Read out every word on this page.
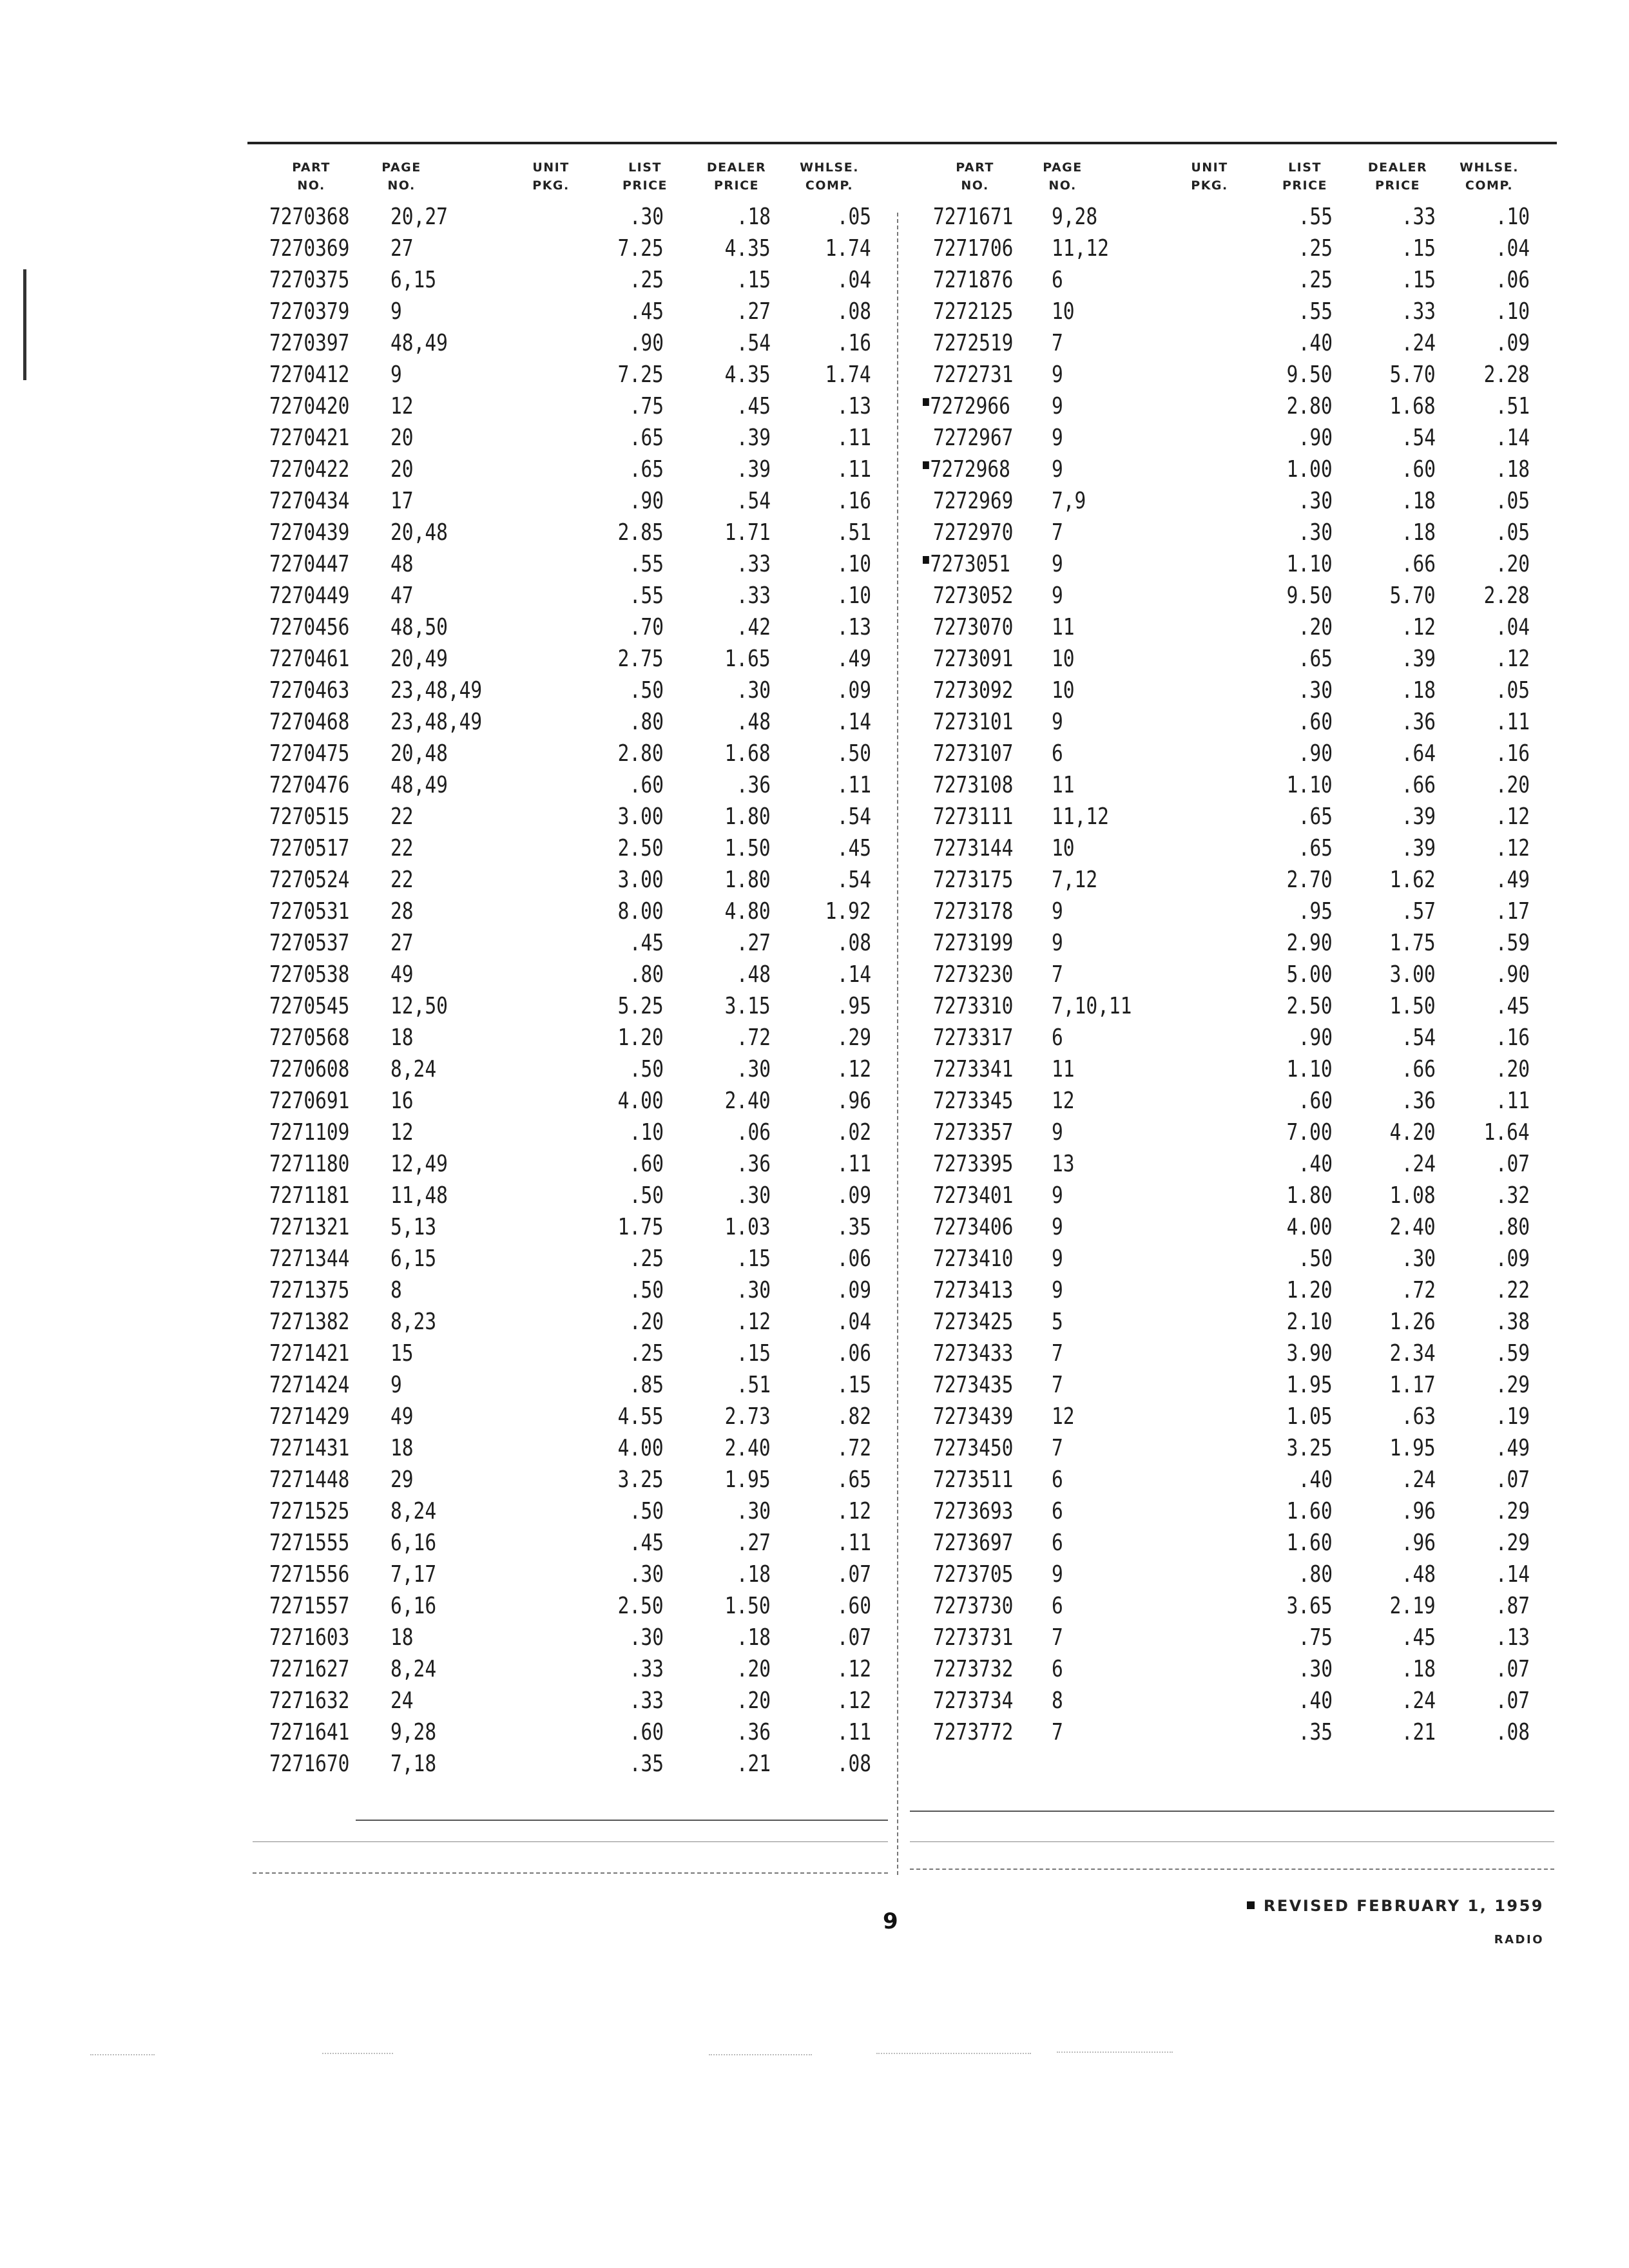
PART
NO.
PAGE
NO.
UNIT
PKG.
LIST
PRICE
DEALER
PRICE
WHLSE.
COMP.
PART
NO.
PAGE
NO.
UNIT
PKG.
LIST
PRICE
DEALER
PRICE
WHLSE.
COMP.
7270368 20,27	.30	.18	.05
7270369 27	7.25	4.35 1.74
7270375 6,15	.25	.15	.04
7270379 9	.45	.27	.08
7270397 48,49	.90	.54	.16
7270412 9	7.25	4.35 1.74
7270420 12	.75	.45	.13
7270421 20	.65	.39	.11
7270422 20	.65	.39	.11
7270434 17	.90	.54	.16
7270439 20,48	2.85	1.71	.51
7270447 48	.55	.33	.10
7270449 47	.55	.33	.10
7270456 48,50	.70	.42	.13
7270461 20,49	2.75	1.65	.49
7270463 23,48,49	.50	.30	.09
7270468 23,48,49	.80	.48	.14
7270475 20,48	2.80	1.68	.50
7270476 48,49	.60	.36	.11
7270515 22	3.00	1.80	.54
7270517 22	2.50	1.50	.45
7270524 22	3.00	1.80	.54
7270531 28	8.00	4.80 1.92
7270537 27	.45	.27	.08
7270538 49	.80	.48	.14
7270545 12,50	5.25	3.15	.95
7270568 18	1.20	.72	.29
7270608 8,24	.50	.30	.12
7270691 16	4.00	2.40	.96
7271109 12	.10	.06	.02
7271180 12,49	.60	.36	.11
7271181 11,48	.50	.30	.09
7271321 5,13	1.75	1.03	.35
7271344 6,15	.25	.15	.06
7271375 8	.50	.30	.09
7271382 8,23	.20	.12	.04
7271421 15	.25	.15	.06
7271424 9	.85	.51	.15
7271429 49	4.55	2.73	.82
7271431 18	4.00	2.40	.72
7271448 29	3.25	1.95	.65
7271525 8,24	.50	.30	.12
7271555 6,16	.45	.27	.11
7271556 7,17	.30	.18	.07
7271557 6,16	2.50	1.50	.60
7271603 18	.30	.18	.07
7271627 8,24	.33	.20	.12
7271632 24	.33	.20	.12
7271641 9,28	.60	.36	.11
7271670 7,18	.35	.21	.08
7271671 9,28	.55	.33	.10
7271706 11,12	.25	.15	.04
7271876 6	.25	.15	.06
7272125 10	.55	.33	.10
7272519 7	.40	.24	.09
7272731 9	9.50 5.70 2.28
7272966 9	2.80 1.68	.51
7272967 9	.90	.54	.14
7272968 9	1.00	.60	.18
7272969 7,9	.30	.18	.05
7272970 7	.30	.18	.05
7273051 9	1.10	.66	.20
7273052 9	9.50 5.70 2.28
7273070 11	.20	.12	.04
7273091 10	.65	.39	.12
7273092 10	.30	.18	.05
7273101 9	.60	.36	.11
7273107 6	.90	.64	.16
7273108 11	1.10	.66	.20
7273111 11,12	.65	.39	.12
7273144 10	.65	.39	.12
7273175 7,12	2.70 1.62	.49
7273178 9	.95	.57	.17
7273199 9	2.90 1.75	.59
7273230 7	5.00 3.00	.90
7273310 7,10,11	2.50 1.50	.45
7273317 6	.90	.54	.16
7273341 11	1.10	.66	.20
7273345 12	.60	.36	.11
7273357 9	7.00 4.20 1.64
7273395 13	.40	.24	.07
7273401 9	1.80 1.08	.32
7273406 9	4.00 2.40	.80
7273410 9	.50	.30	.09
7273413 9	1.20	.72	.22
7273425 5	2.10 1.26	.38
7273433 7	3.90 2.34	.59
7273435 7	1.95 1.17	.29
7273439 12	1.05	.63	.19
7273450 7	3.25 1.95	.49
7273511 6	.40	.24	.07
7273693 6	1.60	.96	.29
7273697 6	1.60	.96	.29
7273705 9	.80	.48	.14
7273730 6	3.65 2.19	.87
7273731 7	.75	.45	.13
7273732 6	.30	.18	.07
7273734 8	.40	.24	.07
7273772 7	.35	.21	.08
9
REVISED FEBRUARY 1, 1959
RADIO
